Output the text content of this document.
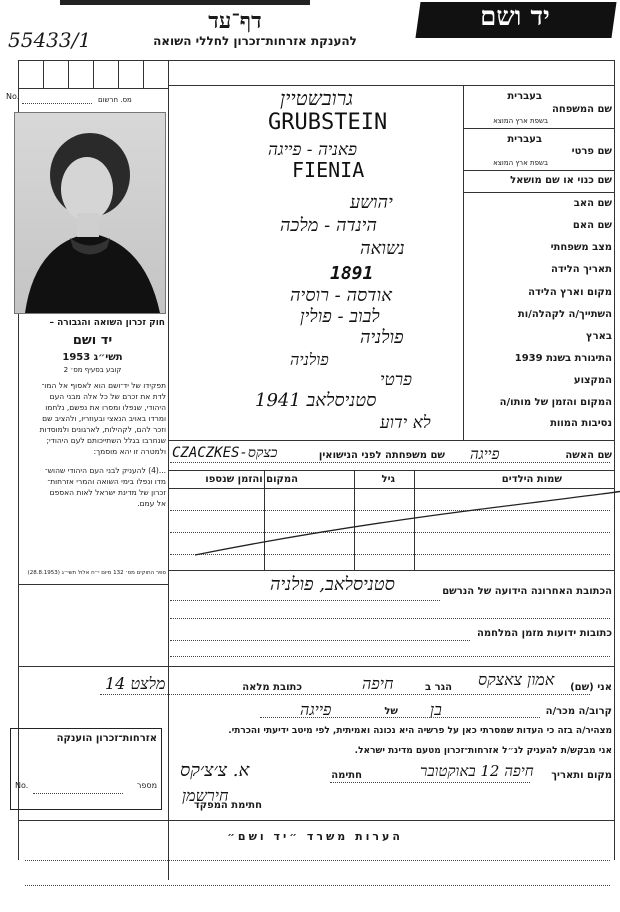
55433/1
דף־עד
להענקת אזרחות־זכרון לחללי השואה
יד ושם
No.	מס. חרשום
חוק זכרון השואה והגבורה –
יד ושם
תשי״ג 1953
קובע בסעיף מס׳ 2
תפקידו של יד־ושם הוא לאסוף אל המו־
לדת את זכרם של כל אלה מבני העם
היהודי, שנפלו ומסרו את נפשם, נלחמו
ומרדו באויב הנאצי ובעוזריו, ולהציב שם
וזכר להם, לקהילות, לארגונים ולמוסדות
שנחרבו בגלל השתייכותם לעם היהודי;
ולמטרה זו יהא מוסמך:
...(4) להעניק לבני העם היהודי שהוש־
מדו ונפלו בימי השואה והמרי אזרחות־
זכרון של מדינת ישראל לאות האספם
אל עמם.
ספר החוקים מס׳ 132 מיום י״ח אלול תשי״ג (28.8.1953)
בעברית
שם המשפחה
בשפת ארץ המוצא
בעברית
שם פרטי
בשפת ארץ המוצא
שם כנוי או שם מושאל
שם האב
שם האם
מצב משפחתי
תאריך הלידה
מקום וארץ הלידה
השתייך/ה לקהלה/ות
בארץ
התיגורת בשנת 1939
המקצוע
המקום והזמן של מותו/ה
נסיבות המוות
גרובשטיין
GRUBSTEIN
פאניה - פייגה
FIENIA
יהושע
הינדה - מלכה
נשואה
1891
אודסה - רוסיה
לבוב - פולין
פולניה
פולניה
פרטי
סטניסלאב 1941
לא ידוע
שם האשה
פייגה
שם משפחתה לפני הנישואין
CZACZKES-כצקס
שמות הילדים
גיל
המקום והזמן שנספו
הכתובת האחרונה הידועה של הנרשם
סטניסלאב, פולניה
כתובות ידועות מזמן המלחמה
אני (שם)
אמון צאצקס
הגר ב
חיפה
כתובת מלאה
מלצט 14
קרוב/ה מכר/ה
בן
של
פייגה
מצהיר/ה בזה כי העדות שמסרתי כאן על פרשיה היא נכונה ואמיתית, לפי מיטב ידיעתי והכרתי.
אני מבקש/ת להעניק לנ״ל אזרחות־זכרון מטעם מדינת ישראל.
מקום ותאריך
חיפה 12 באוקטובר
חתימה
א. צ׳צ׳קס
חתימת המפקד
חירשמן
אזרחות־זכרון הוענקה
No.	מספר
הערות משרד ״יד ושם״
